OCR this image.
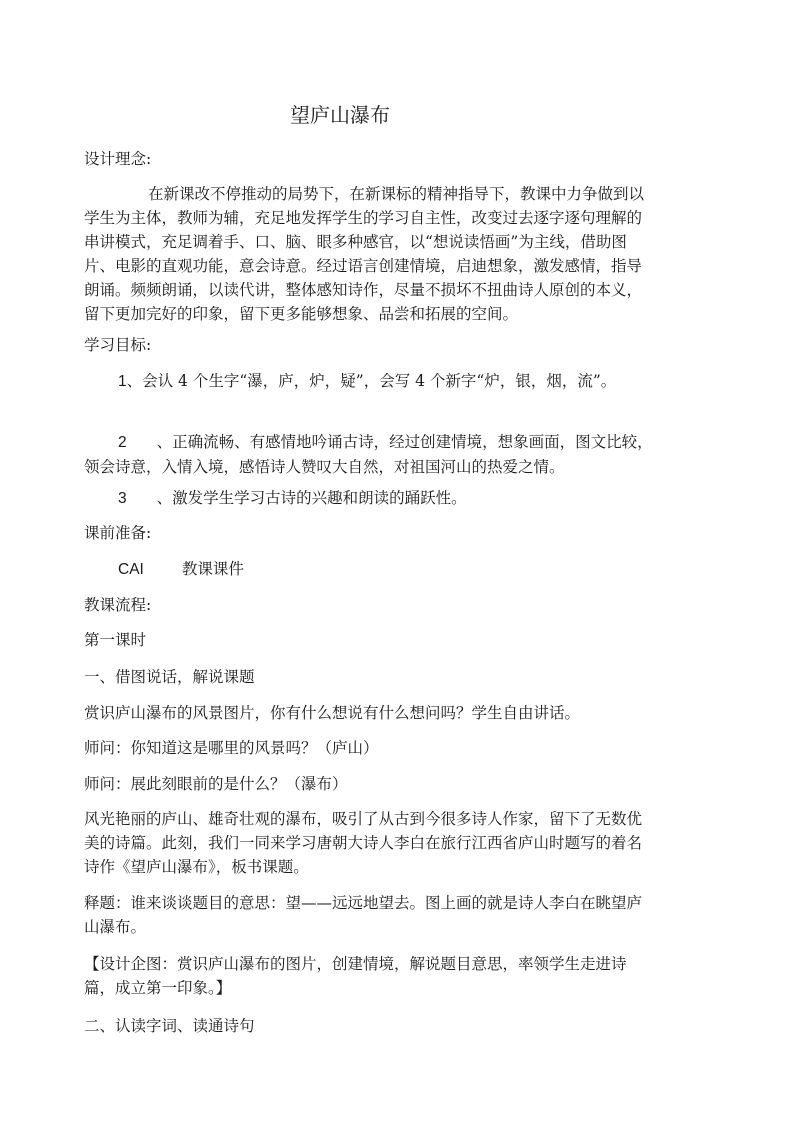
望庐山瀑布
设计理念:

在新课改不停推动的局势下，在新课标的精神指导下，教课中力争做到以学生为主体，教师为辅，充足地发挥学生的学习自主性，改变过去逐字逐句理解的串讲模式，充足调着手、口、脑、眼多种感官，以“想说读悟画”为主线，借助图片、电影的直观功能，意会诗意。经过语言创建情境，启迪想象，激发感情，指导朗诵。频频朗诵，以读代讲，整体感知诗作，尽量不损坏不扭曲诗人原创的本义，留下更加完好的印象，留下更多能够想象、品尝和拓展的空间。

学习目标:
1、会认 4 个生字“瀑，庐，炉，疑”，会写 4 个新字“炉，银，烟，流”。
2 、正确流畅、有感情地吟诵古诗，经过创建情境，想象画面，图文比较，领会诗意，入情入境，感悟诗人赞叹大自然，对祖国河山的热爱之情。
3 、激发学生学习古诗的兴趣和朗读的踊跃性。
课前准备:
CAI 教课课件
教课流程:
第一课时
一、借图说话，解说课题
赏识庐山瀑布的风景图片，你有什么想说有什么想问吗？学生自由讲话。
师问：你知道这是哪里的风景吗？（庐山）
师问：展此刻眼前的是什么？（瀑布）

风光艳丽的庐山、雄奇壮观的瀑布，吸引了从古到今很多诗人作家，留下了无数优美的诗篇。此刻，我们一同来学习唐朝大诗人李白在旅行江西省庐山时题写的着名诗作《望庐山瀑布》，板书课题。

释题：谁来谈谈题目的意思：望——远远地望去。图上画的就是诗人李白在眺望庐山瀑布。

【设计企图：赏识庐山瀑布的图片，创建情境，解说题目意思，率领学生走进诗篇，成立第一印象。】

二、认读字词、读通诗句
